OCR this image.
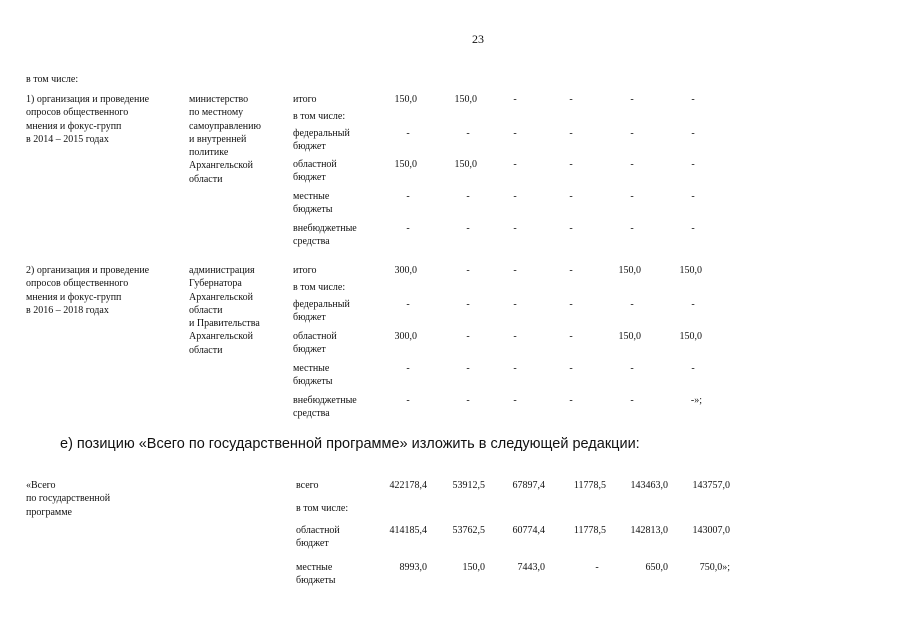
23
в том числе:
е) позицию «Всего по государственной программе» изложить в следующей редакции:
1) организация и проведение
опросов общественного
мнения и фокус-групп
в 2014 – 2015 годах
министерство
по местному
самоуправлению
и внутренней
политике
Архангельской
области
итого	150,0	150,0	-	-	-	-
в том числе:
федеральный
бюджет
-	-	-	-	-	-
областной
бюджет
150,0	150,0	-	-	-	-
местные
бюджеты
-	-	-	-	-	-
внебюджетные
средства
-	-	-	-	-	-
2) организация и проведение
опросов общественного
мнения и фокус-групп
в 2016 – 2018 годах
администрация
Губернатора
Архангельской
области
и Правительства
Архангельской
области
итого	300,0	-	-	-	150,0	150,0
в том числе:
федеральный
бюджет
-	-	-	-	-	-
областной
бюджет
300,0	-	-	-	150,0	150,0
местные
бюджеты
-	-	-	-	-	-
внебюджетные
средства
-	-	-	-	-	-»;
«Всего
по государственной
программе
всего	422178,4	53912,5	67897,4	11778,5	143463,0	143757,0
в том числе:
областной
бюджет
414185,4	53762,5	60774,4	11778,5	142813,0	143007,0
местные
бюджеты
8993,0	150,0	7443,0	-	650,0	750,0»;
